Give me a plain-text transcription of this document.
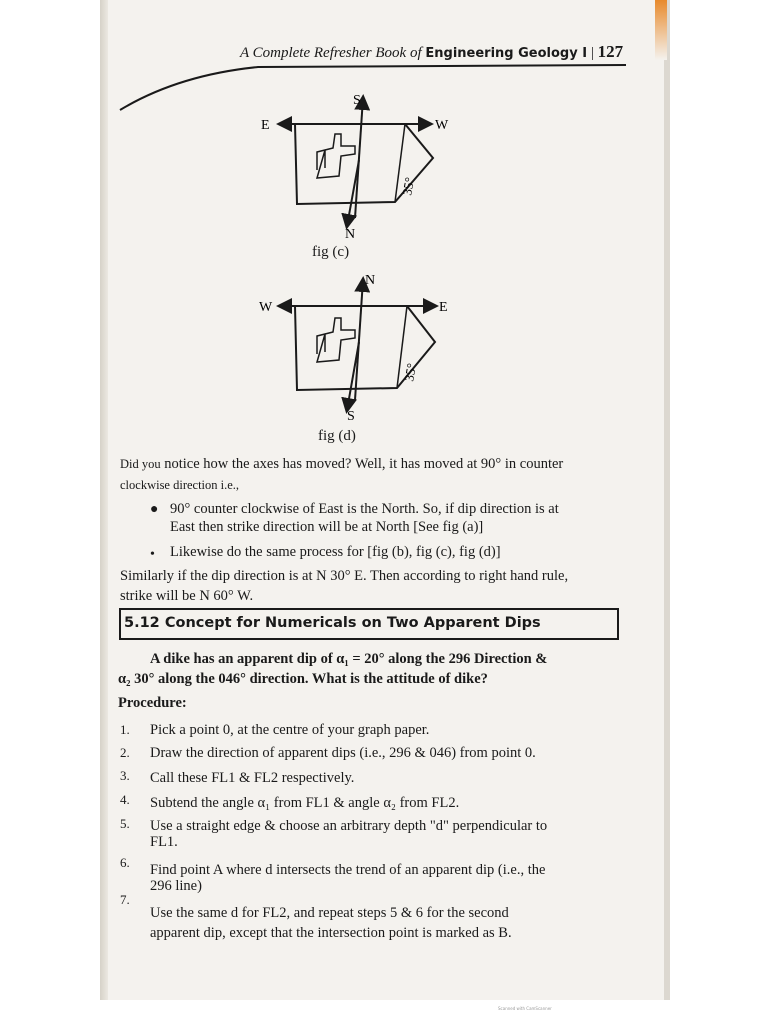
A Complete Refresher Book of Engineering Geology I | 127
S
E	W
N
35°
fig (c)
N
W	E
S
35°
fig (d)
Did you notice how the axes has moved? Well, it has moved at 90° in counter
clockwise direction i.e.,
● 90° counter clockwise of East is the North. So, if dip direction is at
East then strike direction will be at North [See fig (a)]
• Likewise do the same process for [fig (b), fig (c), fig (d)]
Similarly if the dip direction is at N 30° E. Then according to right hand rule,
strike will be N 60° W.
5.12 Concept for Numericals on Two Apparent Dips
A dike has an apparent dip of α₁ = 20° along the 296 Direction &
α₂ 30° along the 046° direction. What is the attitude of dike?
Procedure:
1. Pick a point 0, at the centre of your graph paper.
2. Draw the direction of apparent dips (i.e., 296 & 046) from point 0.
3. Call these FL1 & FL2 respectively.
4. Subtend the angle α₁ from FL1 & angle α₂ from FL2.
5. Use a straight edge & choose an arbitrary depth "d" perpendicular to
FL1.
6. Find point A where d intersects the trend of an apparent dip (i.e., the
296 line)
7.
Use the same d for FL2, and repeat steps 5 & 6 for the second
apparent dip, except that the intersection point is marked as B.
Scanned with CamScanner
